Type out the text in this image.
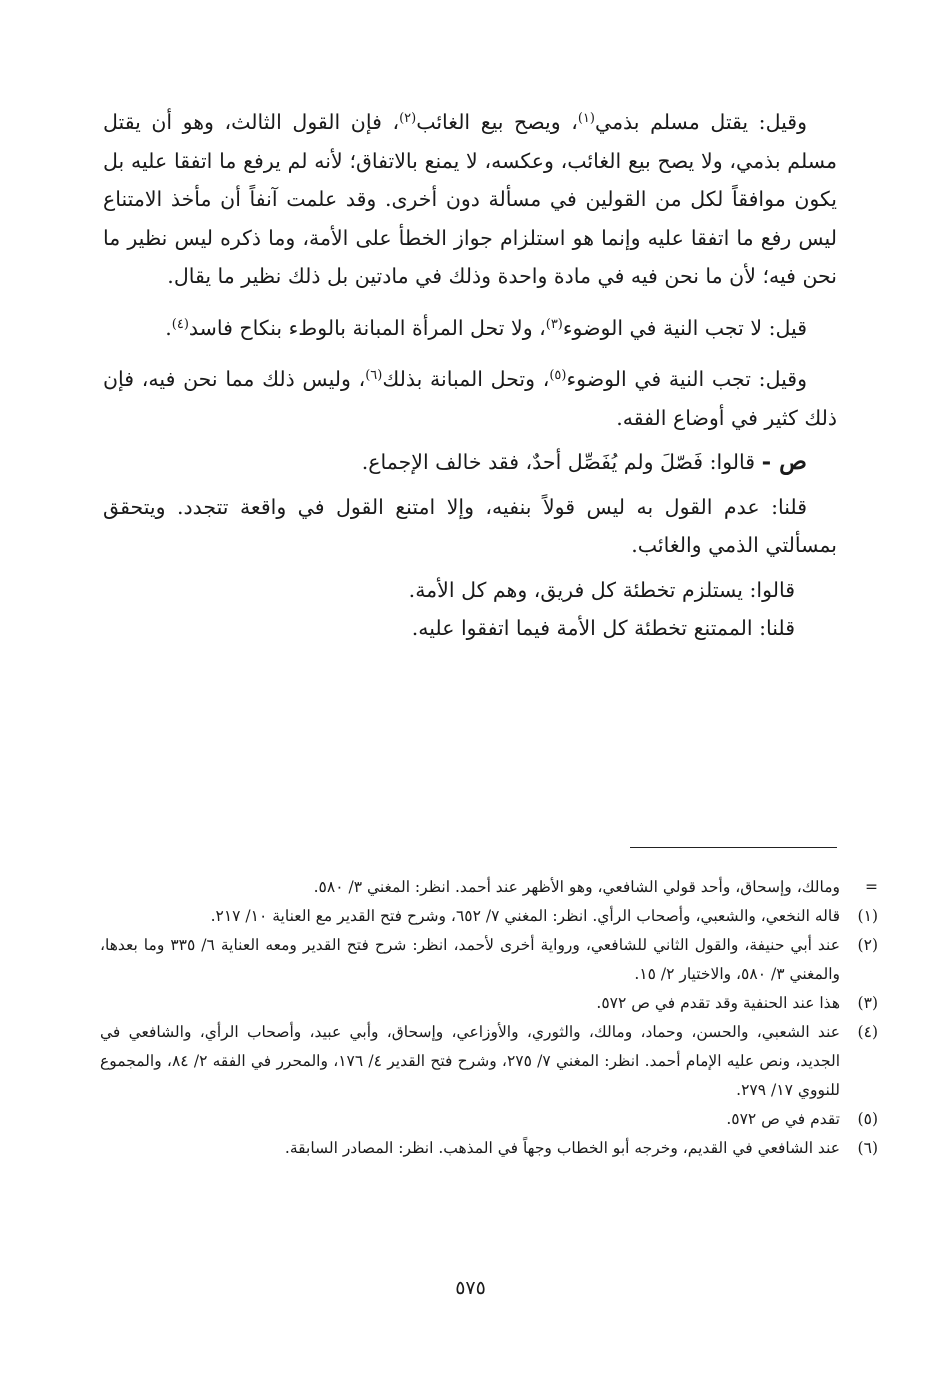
وقيل: يقتل مسلم بذمي$^{(١)}$، ويصح بيع الغائب$^{(٢)}$، فإن القول الثالث، وهو أن يقتل مسلم بذمي، ولا يصح بيع الغائب، وعكسه، لا يمنع بالاتفاق؛ لأنه لم يرفع ما اتفقا عليه بل يكون موافقاً لكل من القولين في مسألة دون أخرى. وقد علمت آنفاً أن مأخذ الامتناع ليس رفع ما اتفقا عليه وإنما هو استلزام جواز الخطأ على الأمة، وما ذكره ليس نظير ما نحن فيه؛ لأن ما نحن فيه في مادة واحدة وذلك في مادتين بل ذلك نظير ما يقال.

قيل: لا تجب النية في الوضوء$^{(٣)}$، ولا تحل المرأة المبانة بالوطء بنكاح فاسد$^{(٤)}$.

وقيل: تجب النية في الوضوء$^{(٥)}$، وتحل المبانة بذلك$^{(٦)}$، وليس ذلك مما نحن فيه، فإن ذلك كثير في أوضاع الفقه.

ص - قالوا: فَصّلَ ولم يُفَصِّل أحدٌ، فقد خالف الإجماع.

قلنا: عدم القول به ليس قولاً بنفيه، وإلا امتنع القول في واقعة تتجدد. ويتحقق بمسألتي الذمي والغائب.

قالوا: يستلزم تخطئة كل فريق، وهم كل الأمة.

قلنا: الممتنع تخطئة كل الأمة فيما اتفقوا عليه.

=
ومالك، وإسحاق، وأحد قولي الشافعي، وهو الأظهر عند أحمد. انظر: المغني ٣/ ٥٨٠.
(١)
قاله النخعي، والشعبي، وأصحاب الرأي. انظر: المغني ٧/ ٦٥٢، وشرح فتح القدير مع العناية ١٠/ ٢١٧.
(٢)
عند أبي حنيفة، والقول الثاني للشافعي، ورواية أخرى لأحمد، انظر: شرح فتح القدير ومعه العناية ٦/ ٣٣٥ وما بعدها، والمغني ٣/ ٥٨٠، والاختيار ٢/ ١٥.
(٣)
هذا عند الحنفية وقد تقدم في ص ٥٧٢.
(٤)
عند الشعبي، والحسن، وحماد، ومالك، والثوري، والأوزاعي، وإسحاق، وأبي عبيد، وأصحاب الرأي، والشافعي في الجديد، ونص عليه الإمام أحمد. انظر: المغني ٧/ ٢٧٥، وشرح فتح القدير ٤/ ١٧٦، والمحرر في الفقه ٢/ ٨٤، والمجموع للنووي ١٧/ ٢٧٩.
(٥)
تقدم في ص ٥٧٢.
(٦)
عند الشافعي في القديم، وخرجه أبو الخطاب وجهاً في المذهب. انظر: المصادر السابقة.
٥٧٥
